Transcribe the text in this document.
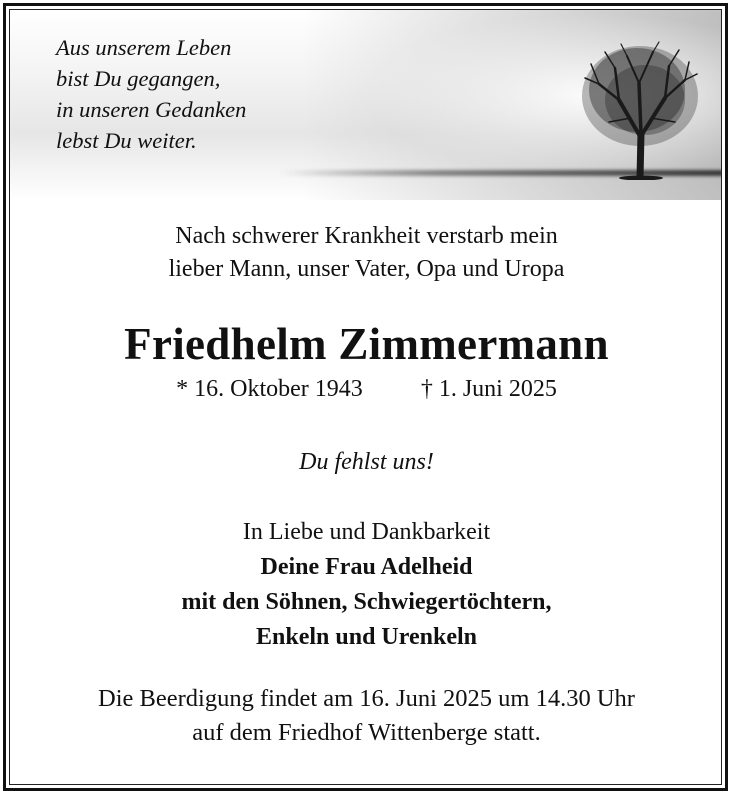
Aus unserem Leben
bist Du gegangen,
in unseren Gedanken
lebst Du weiter.
Nach schwerer Krankheit verstarb mein
lieber Mann, unser Vater, Opa und Uropa
Friedhelm Zimmermann
* 16. Oktober 1943 † 1. Juni 2025
Du fehlst uns!
In Liebe und Dankbarkeit
Deine Frau Adelheid
mit den Söhnen, Schwiegertöchtern,
Enkeln und Urenkeln
Die Beerdigung findet am 16. Juni 2025 um 14.30 Uhr
auf dem Friedhof Wittenberge statt.
